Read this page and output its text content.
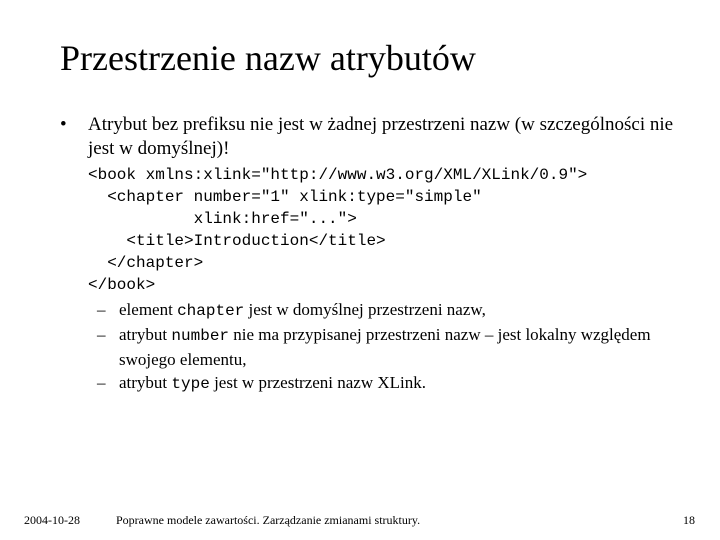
Przestrzenie nazw atrybutów
•	Atrybut bez prefiksu nie jest w żadnej przestrzeni nazw (w szczególności nie jest w domyślnej)!
<book xmlns:xlink="http://www.w3.org/XML/XLink/0.9">
<chapter number="1" xlink:type="simple"
xlink:href="...">
<title>Introduction</title>
</chapter>
</book>
– element chapter jest w domyślnej przestrzeni nazw,
– atrybut number nie ma przypisanej przestrzeni nazw – jest lokalny względem swojego elementu,
– atrybut type jest w przestrzeni nazw XLink.
2004-10-28	Poprawne modele zawartości. Zarządzanie zmianami struktury.	18
